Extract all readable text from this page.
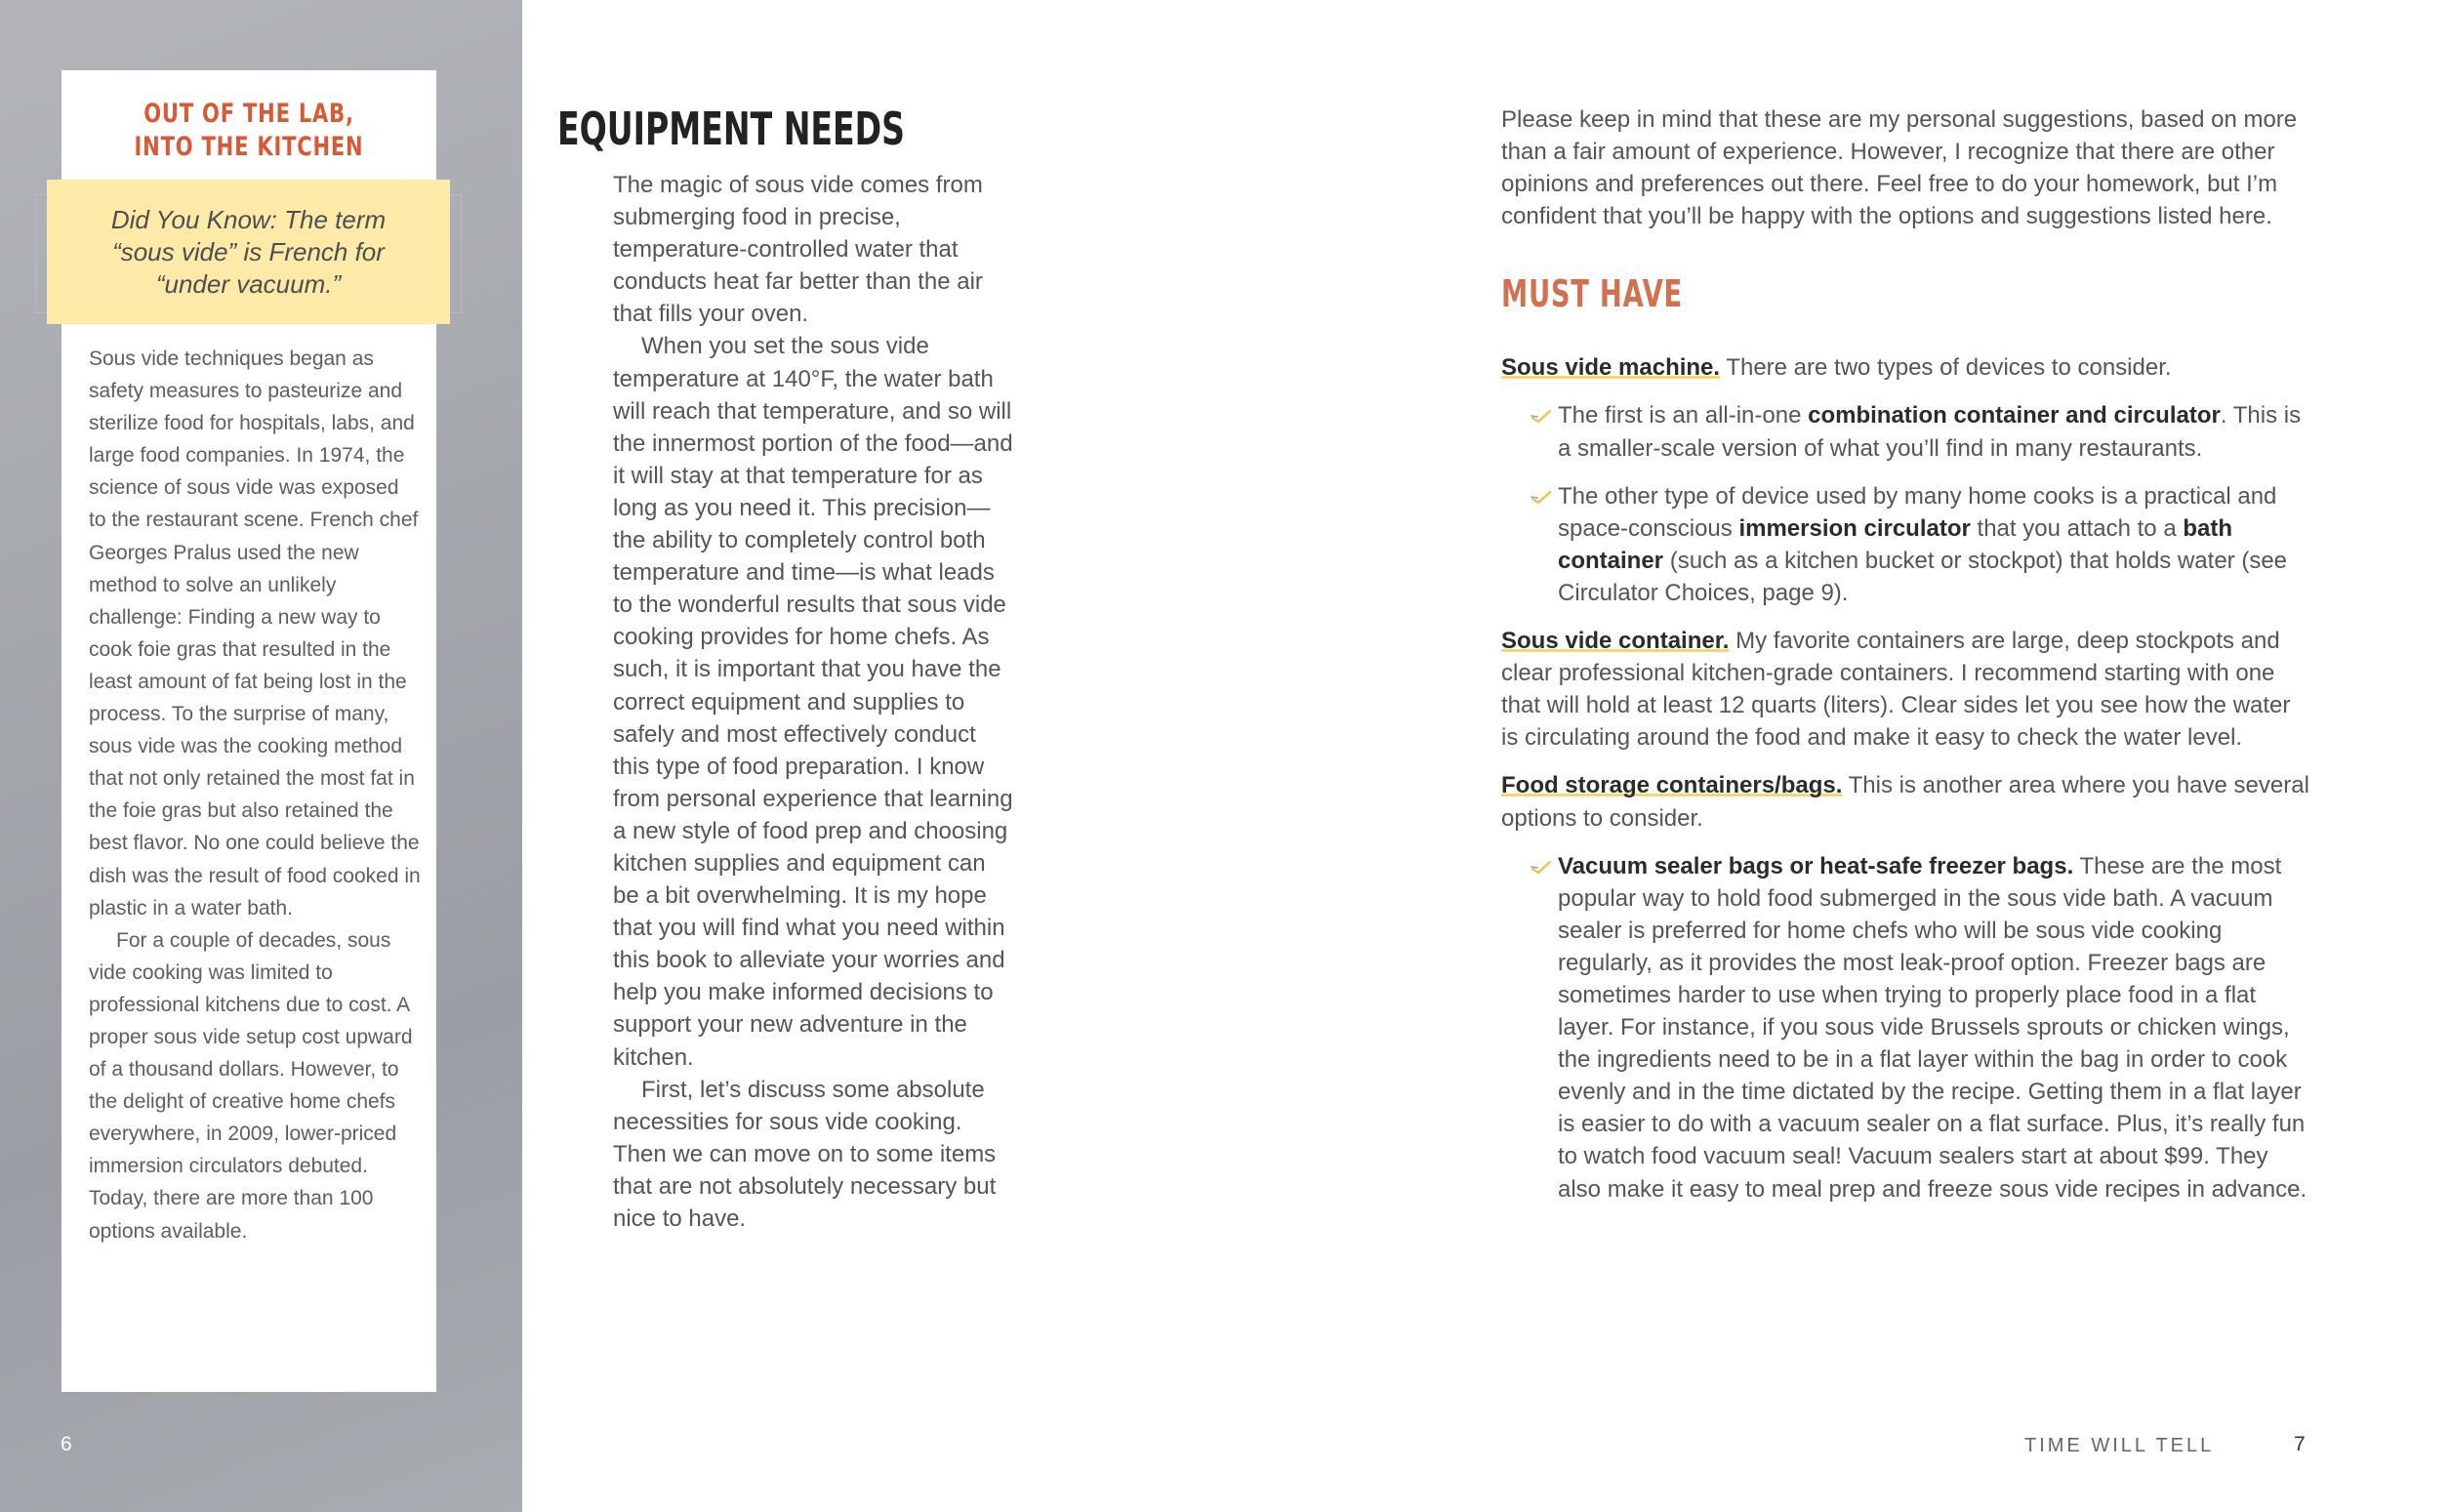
OUT OF THE LAB,
INTO THE KITCHEN
Did You Know: The term “sous vide” is French for “under vacuum.”

Sous vide techniques began as safety measures to pasteurize and sterilize food for hospitals, labs, and large food companies. In 1974, the science of sous vide was exposed to the restaurant scene. French chef Georges Pralus used the new method to solve an unlikely challenge: Finding a new way to cook foie gras that resulted in the least amount of fat being lost in the process. To the surprise of many, sous vide was the cooking method that not only retained the most fat in the foie gras but also retained the best flavor. No one could believe the dish was the result of food cooked in plastic in a water bath.

For a couple of decades, sous vide cooking was limited to professional kitchens due to cost. A proper sous vide setup cost upward of a thousand dollars. However, to the delight of creative home chefs everywhere, in 2009, lower-priced immersion circulators debuted. Today, there are more than 100 options available.

6
EQUIPMENT NEEDS

The magic of sous vide comes from submerging food in precise, temperature-controlled water that conducts heat far better than the air that fills your oven.

When you set the sous vide temperature at 140°F, the water bath will reach that temperature, and so will the innermost portion of the food—and it will stay at that temperature for as long as you need it. This precision—the ability to completely control both temperature and time—is what leads to the wonderful results that sous vide cooking provides for home chefs. As such, it is important that you have the correct equipment and supplies to safely and most effectively conduct this type of food preparation. I know from personal experience that learning a new style of food prep and choosing kitchen supplies and equipment can be a bit overwhelming. It is my hope that you will find what you need within this book to alleviate your worries and help you make informed decisions to support your new adventure in the kitchen.

First, let’s discuss some absolute necessities for sous vide cooking. Then we can move on to some items that are not absolutely necessary but nice to have.

Please keep in mind that these are my personal suggestions, based on more than a fair amount of experience. However, I recognize that there are other opinions and preferences out there. Feel free to do your homework, but I’m confident that you’ll be happy with the options and suggestions listed here.

MUST HAVE

Sous vide machine. There are two types of devices to consider.

The first is an all-in-one combination container and circulator. This is a smaller-scale version of what you’ll find in many restaurants.

The other type of device used by many home cooks is a practical and space-conscious immersion circulator that you attach to a bath container (such as a kitchen bucket or stockpot) that holds water (see Circulator Choices, page 9).

Sous vide container. My favorite containers are large, deep stockpots and clear professional kitchen-grade containers. I recommend starting with one that will hold at least 12 quarts (liters). Clear sides let you see how the water is circulating around the food and make it easy to check the water level.

Food storage containers/bags. This is another area where you have several options to consider.

Vacuum sealer bags or heat-safe freezer bags. These are the most popular way to hold food submerged in the sous vide bath. A vacuum sealer is preferred for home chefs who will be sous vide cooking regularly, as it provides the most leak-proof option. Freezer bags are sometimes harder to use when trying to properly place food in a flat layer. For instance, if you sous vide Brussels sprouts or chicken wings, the ingredients need to be in a flat layer within the bag in order to cook evenly and in the time dictated by the recipe. Getting them in a flat layer is easier to do with a vacuum sealer on a flat surface. Plus, it’s really fun to watch food vacuum seal! Vacuum sealers start at about $99. They also make it easy to meal prep and freeze sous vide recipes in advance.

TIME WILL TELL	7
